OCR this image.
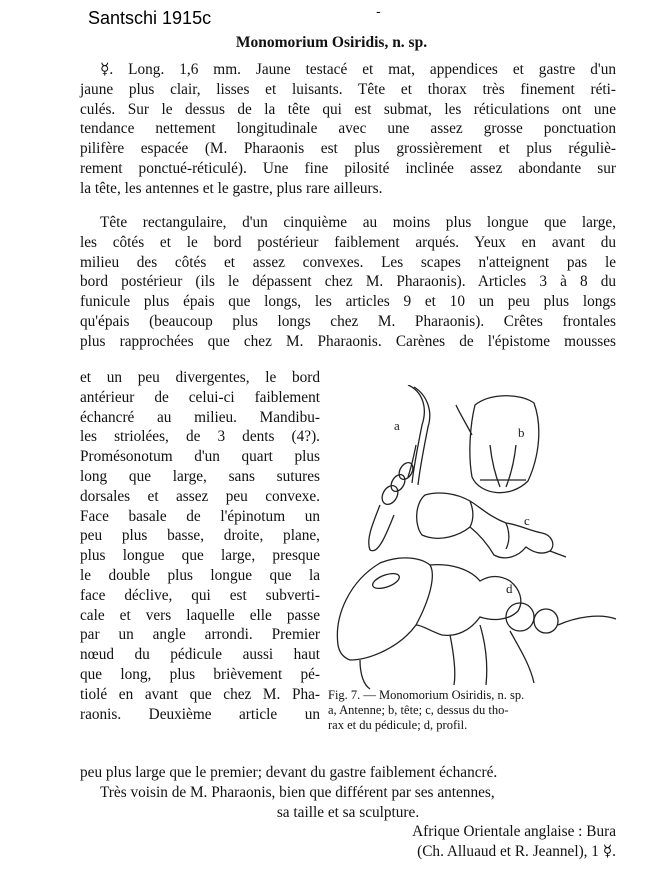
Santschi 1915c	-
Monomorium Osiridis, n. sp.
☿. Long. 1,6 mm. Jaune testacé et mat, appendices et gastre d'un
jaune plus clair, lisses et luisants. Tête et thorax très finement réti-
culés. Sur le dessus de la tête qui est submat, les réticulations ont une
tendance nettement longitudinale avec une assez grosse ponctuation
pilifère espacée (M. Pharaonis est plus grossièrement et plus réguliè-
rement ponctué-réticulé). Une fine pilosité inclinée assez abondante sur
la tête, les antennes et le gastre, plus rare ailleurs.
Tête rectangulaire, d'un cinquième au moins plus longue que large,
les côtés et le bord postérieur faiblement arqués. Yeux en avant du
milieu des côtés et assez convexes. Les scapes n'atteignent pas le
bord postérieur (ils le dépassent chez M. Pharaonis). Articles 3 à 8 du
funicule plus épais que longs, les articles 9 et 10 un peu plus longs
qu'épais (beaucoup plus longs chez M. Pharaonis). Crêtes frontales
plus rapprochées que chez M. Pharaonis. Carènes de l'épistome mousses
et un peu divergentes, le bord
antérieur de celui-ci faiblement
échancré au milieu. Mandibu-
les striolées, de 3 dents (4?).
Promésonotum d'un quart plus
long que large, sans sutures
dorsales et assez peu convexe.
Face basale de l'épinotum un
peu plus basse, droite, plane,
plus longue que large, presque
le double plus longue que la
face déclive, qui est subverti-
cale et vers laquelle elle passe
par un angle arrondi. Premier
nœud du pédicule aussi haut
que long, plus brièvement pé-
tiolé en avant que chez M. Pha-
raonis. Deuxième article un
a	b
c
d
Fig. 7. — Monomorium Osiridis, n. sp.
a, Antenne; b, tête; c, dessus du tho-
rax et du pédicule; d, profil.
peu plus large que le premier; devant du gastre faiblement échancré.
Très voisin de M. Pharaonis, bien que différent par ses antennes,
sa taille et sa sculpture.
Afrique Orientale anglaise : Bura
(Ch. Alluaud et R. Jeannel), 1 ☿.
